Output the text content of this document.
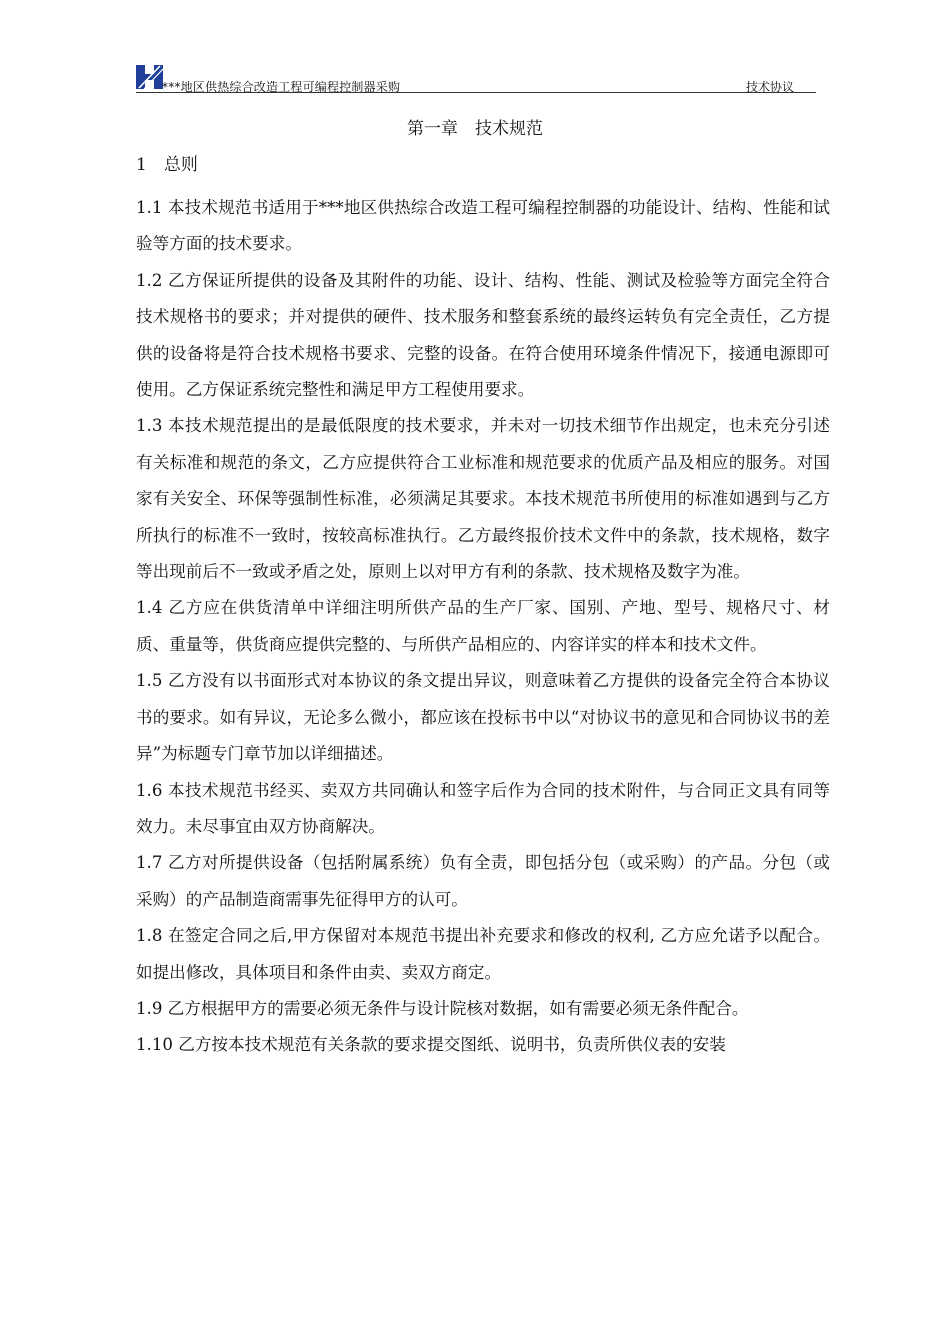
***地区供热综合改造工程可编程控制器采购	技术协议
第一章　技术规范
1　总则

1.1 本技术规范书适用于***地区供热综合改造工程可编程控制器的功能设计、结构、性能和试验等方面的技术要求。

1.2 乙方保证所提供的设备及其附件的功能、设计、结构、性能、测试及检验等方面完全符合技术规格书的要求；并对提供的硬件、技术服务和整套系统的最终运转负有完全责任，乙方提供的设备将是符合技术规格书要求、完整的设备。在符合使用环境条件情况下，接通电源即可使用。乙方保证系统完整性和满足甲方工程使用要求。

1.3 本技术规范提出的是最低限度的技术要求，并未对一切技术细节作出规定，也未充分引述有关标准和规范的条文，乙方应提供符合工业标准和规范要求的优质产品及相应的服务。对国家有关安全、环保等强制性标准，必须满足其要求。本技术规范书所使用的标准如遇到与乙方所执行的标准不一致时，按较高标准执行。乙方最终报价技术文件中的条款，技术规格，数字等出现前后不一致或矛盾之处，原则上以对甲方有利的条款、技术规格及数字为准。

1.4 乙方应在供货清单中详细注明所供产品的生产厂家、国别、产地、型号、规格尺寸、材质、重量等，供货商应提供完整的、与所供产品相应的、内容详实的样本和技术文件。

1.5 乙方没有以书面形式对本协议的条文提出异议，则意味着乙方提供的设备完全符合本协议书的要求。如有异议，无论多么微小，都应该在投标书中以“对协议书的意见和合同协议书的差异”为标题专门章节加以详细描述。

1.6 本技术规范书经买、卖双方共同确认和签字后作为合同的技术附件，与合同正文具有同等效力。未尽事宜由双方协商解决。

1.7 乙方对所提供设备（包括附属系统）负有全责，即包括分包（或采购）的产品。分包（或采购）的产品制造商需事先征得甲方的认可。

1.8 在签定合同之后,甲方保留对本规范书提出补充要求和修改的权利, 乙方应允诺予以配合。如提出修改，具体项目和条件由卖、卖双方商定。

1.9 乙方根据甲方的需要必须无条件与设计院核对数据，如有需要必须无条件配合。

1.10 乙方按本技术规范有关条款的要求提交图纸、说明书，负责所供仪表的安装
